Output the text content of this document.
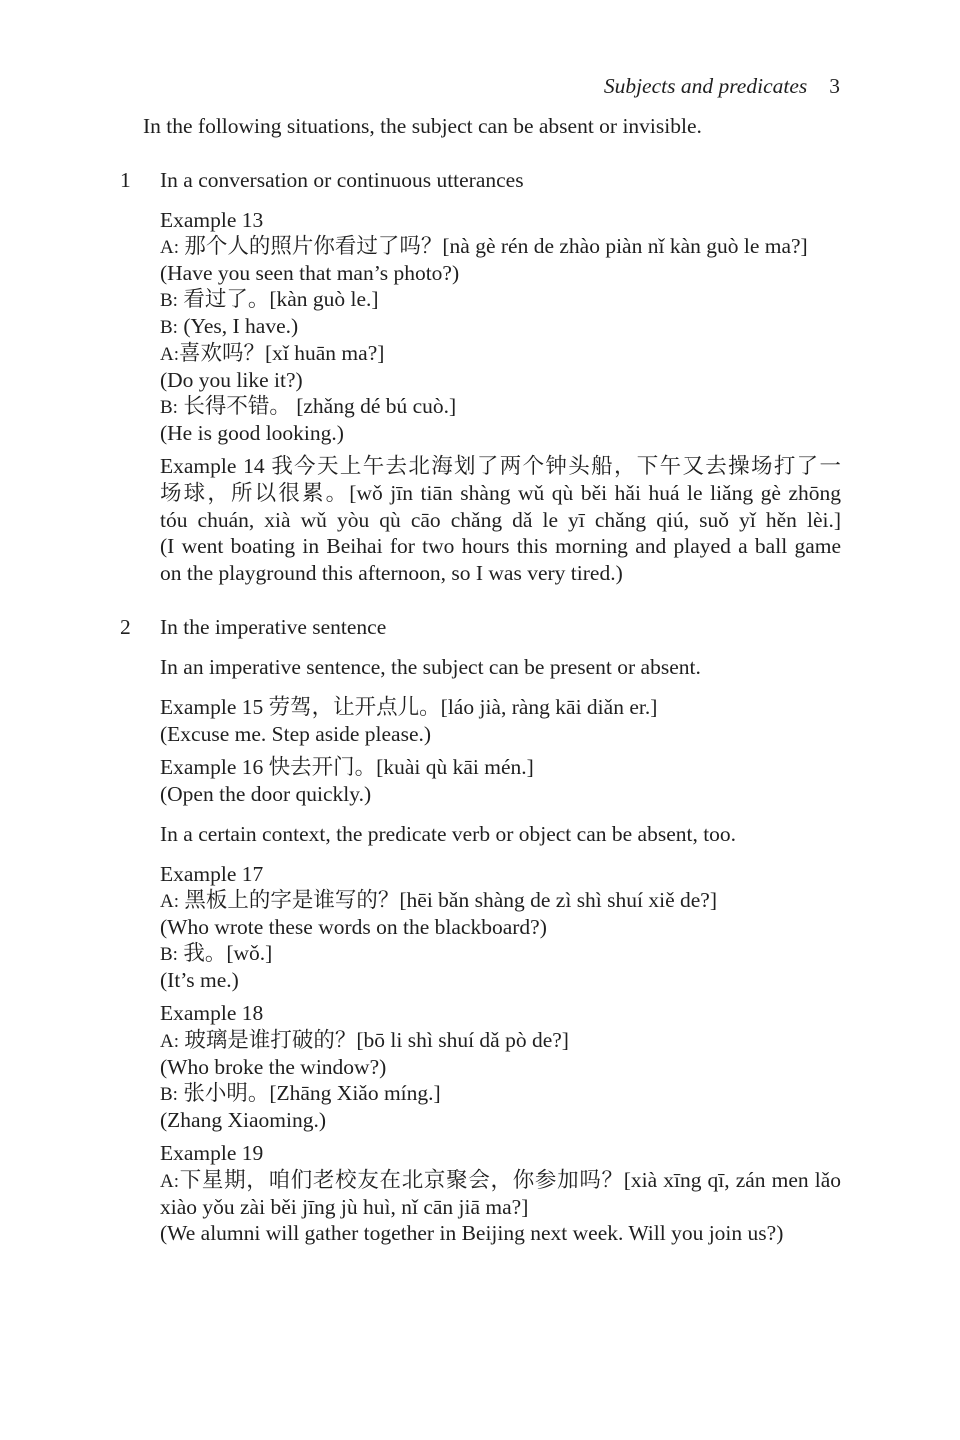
Subjects and predicates 3
In the following situations, the subject can be absent or invisible.
1 In a conversation or continuous utterances
Example 13
A: 那个人的照片你看过了吗？[nà gè rén de zhào piàn nǐ kàn guò le ma?]
(Have you seen that man’s photo?)
B: 看过了。[kàn guò le.]
B: (Yes, I have.)
A:喜欢吗？[xǐ huān ma?]
(Do you like it?)
B: 长得不错。 [zhǎng dé bú cuò.]
(He is good looking.)
Example 14 我今天上午去北海划了两个钟头船，下午又去操场打了一
场球，所以很累。[wǒ jīn tiān shàng wǔ qù běi hǎi huá le liǎng gè zhōng
tóu chuán, xià wǔ yòu qù cāo chǎng dǎ le yī chǎng qiú, suǒ yǐ hěn lèi.]
(I went boating in Beihai for two hours this morning and played a ball game
on the playground this afternoon, so I was very tired.)
2 In the imperative sentence
In an imperative sentence, the subject can be present or absent.
Example 15 劳驾，让开点儿。[láo jià, ràng kāi diǎn er.]
(Excuse me. Step aside please.)
Example 16 快去开门。[kuài qù kāi mén.]
(Open the door quickly.)
In a certain context, the predicate verb or object can be absent, too.
Example 17
A: 黑板上的字是谁写的？[hēi bǎn shàng de zì shì shuí xiě de?]
(Who wrote these words on the blackboard?)
B: 我。[wǒ.]
(It’s me.)
Example 18
A: 玻璃是谁打破的？[bō li shì shuí dǎ pò de?]
(Who broke the window?)
B: 张小明。[Zhāng Xiǎo míng.]
(Zhang Xiaoming.)
Example 19
A:下星期，咱们老校友在北京聚会，你参加吗？[xià xīng qī, zán men lǎo
xiào yǒu zài běi jīng jù huì, nǐ cān jiā ma?]
(We alumni will gather together in Beijing next week. Will you join us?)
